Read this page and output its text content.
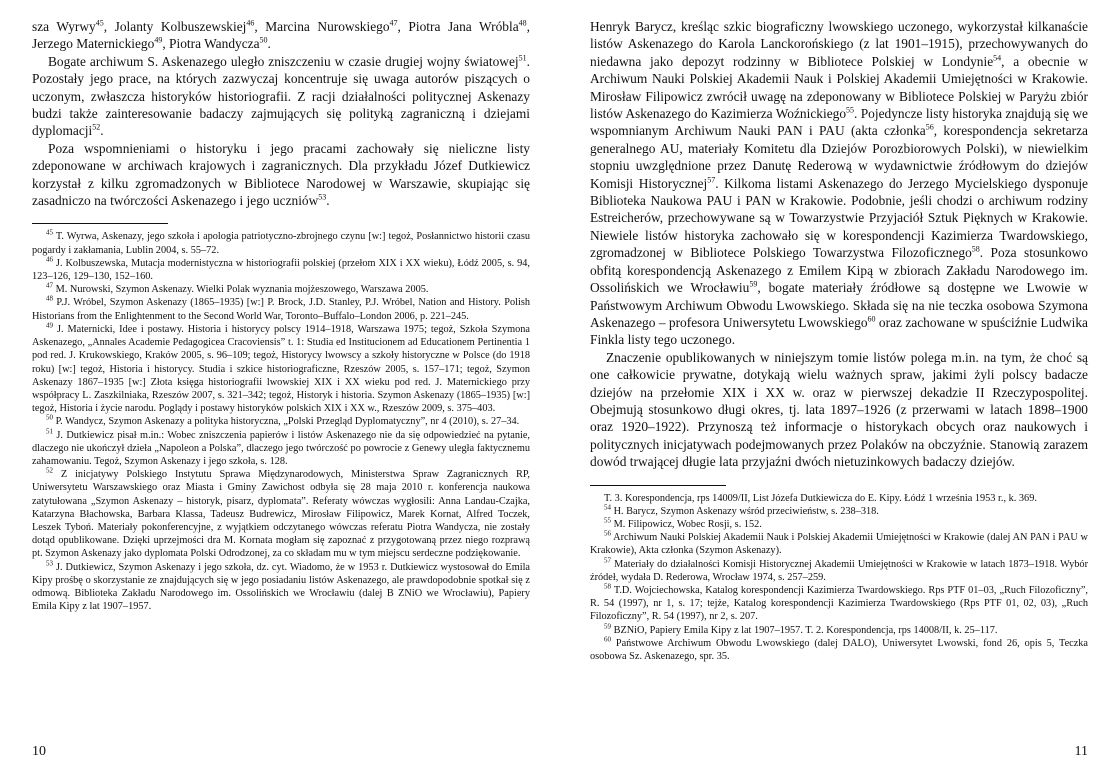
sza Wyrwy$^{45}$, Jolanty Kolbuszewskiej$^{46}$, Marcina Nurowskiego$^{47}$, Piotra Jana Wróbla$^{48}$, Jerzego Maternickiego$^{49}$, Piotra Wandycza$^{50}$.

Bogate archiwum S. Askenazego uległo zniszczeniu w czasie drugiej wojny światowej$^{51}$. Pozostały jego prace, na których zazwyczaj koncentruje się uwaga autorów piszących o uczonym, zwłaszcza historyków historiografii. Z racji działalności politycznej Askenazy budzi także zainteresowanie badaczy zajmujących się polityką zagraniczną i dziejami dyplomacji$^{52}$.

Poza wspomnieniami o historyku i jego pracami zachowały się nieliczne listy zdeponowane w archiwach krajowych i zagranicznych. Dla przykładu Józef Dutkiewicz korzystał z kilku zgromadzonych w Bibliotece Narodowej w Warszawie, skupiając się zasadniczo na twórczości Askenazego i jego uczniów$^{53}$.

$^{45}$ T. Wyrwa, Askenazy, jego szkoła i apologia patriotyczno-zbrojnego czynu [w:] tegoż, Posłannictwo historii czasu pogardy i zakłamania, Lublin 2004, s. 55–72.

$^{46}$ J. Kolbuszewska, Mutacja modernistyczna w historiografii polskiej (przełom XIX i XX wieku), Łódź 2005, s. 94, 123–126, 129–130, 152–160.

$^{47}$ M. Nurowski, Szymon Askenazy. Wielki Polak wyznania mojżeszowego, Warszawa 2005.

$^{48}$ P.J. Wróbel, Szymon Askenazy (1865–1935) [w:] P. Brock, J.D. Stanley, P.J. Wróbel, Nation and History. Polish Historians from the Enlightenment to the Second World War, Toronto–Buffalo–London 2006, p. 221–245.

$^{49}$ J. Maternicki, Idee i postawy. Historia i historycy polscy 1914–1918, Warszawa 1975; tegoż, Szkoła Szymona Askenazego, „Annales Academie Pedagogicea Cracoviensis” t. 1: Studia ed Institucionem ad Educationem Pertinentia 1 pod red. J. Krukowskiego, Kraków 2005, s. 96–109; tegoż, Historycy lwowscy a szkoły historyczne w Polsce (do 1918 roku) [w:] tegoż, Historia i historycy. Studia i szkice historiograficzne, Rzeszów 2005, s. 157–171; tegoż, Szymon Askenazy 1867–1935 [w:] Złota księga historiografii lwowskiej XIX i XX wieku pod red. J. Maternickiego przy współpracy L. Zaszkilniaka, Rzeszów 2007, s. 321–342; tegoż, Historyk i historia. Szymon Askenazy (1865–1935) [w:] tegoż, Historia i życie narodu. Poglądy i postawy historyków polskich XIX i XX w., Rzeszów 2009, s. 375–403.

$^{50}$ P. Wandycz, Szymon Askenazy a polityka historyczna, „Polski Przegląd Dyplomatyczny”, nr 4 (2010), s. 27–34.

$^{51}$ J. Dutkiewicz pisał m.in.: Wobec zniszczenia papierów i listów Askenazego nie da się odpowiedzieć na pytanie, dlaczego nie ukończył dzieła „Napoleon a Polska”, dlaczego jego twórczość po powrocie z Genewy uległa faktycznemu zahamowaniu. Tegoż, Szymon Askenazy i jego szkoła, s. 128.

$^{52}$ Z inicjatywy Polskiego Instytutu Sprawa Międzynarodowych, Ministerstwa Spraw Zagranicznych RP, Uniwersytetu Warszawskiego oraz Miasta i Gminy Zawichost odbyła się 28 maja 2010 r. konferencja naukowa zatytułowana „Szymon Askenazy – historyk, pisarz, dyplomata”. Referaty wówczas wygłosili: Anna Landau-Czajka, Katarzyna Błachowska, Barbara Klassa, Tadeusz Budrewicz, Mirosław Filipowicz, Marek Kornat, Alfred Toczek, Leszek Tyboń. Materiały pokonferencyjne, z wyjątkiem odczytanego wówczas referatu Piotra Wandycza, nie zostały dotąd opublikowane. Dzięki uprzejmości dra M. Kornata mogłam się zapoznać z przygotowaną przez niego rozprawą pt. Szymon Askenazy jako dyplomata Polski Odrodzonej, za co składam mu w tym miejscu serdeczne podziękowanie.

$^{53}$ J. Dutkiewicz, Szymon Askenazy i jego szkoła, dz. cyt. Wiadomo, że w 1953 r. Dutkiewicz wystosował do Emila Kipy prośbę o skorzystanie ze znajdujących się w jego posiadaniu listów Askenazego, ale prawdopodobnie spotkał się z odmową. Biblioteka Zakładu Narodowego im. Ossolińskich we Wrocławiu (dalej B ZNiO we Wrocławiu), Papiery Emila Kipy z lat 1907–1957.

10

Henryk Barycz, kreśląc szkic biograficzny lwowskiego uczonego, wykorzystał kilkanaście listów Askenazego do Karola Lanckorońskiego (z lat 1901–1915), przechowywanych do niedawna jako depozyt rodzinny w Bibliotece Polskiej w Londynie$^{54}$, a obecnie w Archiwum Nauki Polskiej Akademii Nauk i Polskiej Akademii Umiejętności w Krakowie. Mirosław Filipowicz zwrócił uwagę na zdeponowany w Bibliotece Polskiej w Paryżu zbiór listów Askenazego do Kazimierza Woźnickiego$^{55}$. Pojedyncze listy historyka znajdują się we wspomnianym Archiwum Nauki PAN i PAU (akta członka$^{56}$, korespondencja sekretarza generalnego AU, materiały Komitetu dla Dziejów Porozbiorowych Polski), w niewielkim stopniu uwzględnione przez Danutę Rederową w wydawnictwie źródłowym do dziejów Komisji Historycznej$^{57}$. Kilkoma listami Askenazego do Jerzego Mycielskiego dysponuje Biblioteka Naukowa PAU i PAN w Krakowie. Podobnie, jeśli chodzi o archiwum rodziny Estreicherów, przechowywane są w Towarzystwie Przyjaciół Sztuk Pięknych w Krakowie. Niewiele listów historyka zachowało się w korespondencji Kazimierza Twardowskiego, zgromadzonej w Bibliotece Polskiego Towarzystwa Filozoficznego$^{58}$. Poza stosunkowo obfitą korespondencją Askenazego z Emilem Kipą w zbiorach Zakładu Narodowego im. Ossolińskich we Wrocławiu$^{59}$, bogate materiały źródłowe są dostępne we Lwowie w Państwowym Archiwum Obwodu Lwowskiego. Składa się na nie teczka osobowa Szymona Askenazego – profesora Uniwersytetu Lwowskiego$^{60}$ oraz zachowane w spuściźnie Ludwika Finkla listy tego uczonego.

Znaczenie opublikowanych w niniejszym tomie listów polega m.in. na tym, że choć są one całkowicie prywatne, dotykają wielu ważnych spraw, jakimi żyli polscy badacze dziejów na przełomie XIX i XX w. oraz w pierwszej dekadzie II Rzeczypospolitej. Obejmują stosunkowo długi okres, tj. lata 1897–1926 (z przerwami w latach 1898–1900 oraz 1920–1922). Przynoszą też informacje o historykach obcych oraz naukowych i politycznych inicjatywach podejmowanych przez Polaków na obczyźnie. Stanowią zarazem dowód trwającej długie lata przyjaźni dwóch nietuzinkowych badaczy dziejów.

T. 3. Korespondencja, rps 14009/II, List Józefa Dutkiewicza do E. Kipy. Łódź 1 września 1953 r., k. 369.

$^{54}$ H. Barycz, Szymon Askenazy wśród przeciwieństw, s. 238–318.

$^{55}$ M. Filipowicz, Wobec Rosji, s. 152.

$^{56}$ Archiwum Nauki Polskiej Akademii Nauk i Polskiej Akademii Umiejętności w Krakowie (dalej AN PAN i PAU w Krakowie), Akta członka (Szymon Askenazy).

$^{57}$ Materiały do działalności Komisji Historycznej Akademii Umiejętności w Krakowie w latach 1873–1918. Wybór źródeł, wydała D. Rederowa, Wrocław 1974, s. 257–259.

$^{58}$ T.D. Wojciechowska, Katalog korespondencji Kazimierza Twardowskiego. Rps PTF 01–03, „Ruch Filozoficzny”, R. 54 (1997), nr 1, s. 17; tejże, Katalog korespondencji Kazimierza Twardowskiego (Rps PTF 01, 02, 03), „Ruch Filozoficzny”, R. 54 (1997), nr 2, s. 207.

$^{59}$ BZNiO, Papiery Emila Kipy z lat 1907–1957. T. 2. Korespondencja, rps 14008/II, k. 25–117.

$^{60}$ Państwowe Archiwum Obwodu Lwowskiego (dalej DALO), Uniwersytet Lwowski, fond 26, opis 5, Teczka osobowa Sz. Askenazego, spr. 35.

11
